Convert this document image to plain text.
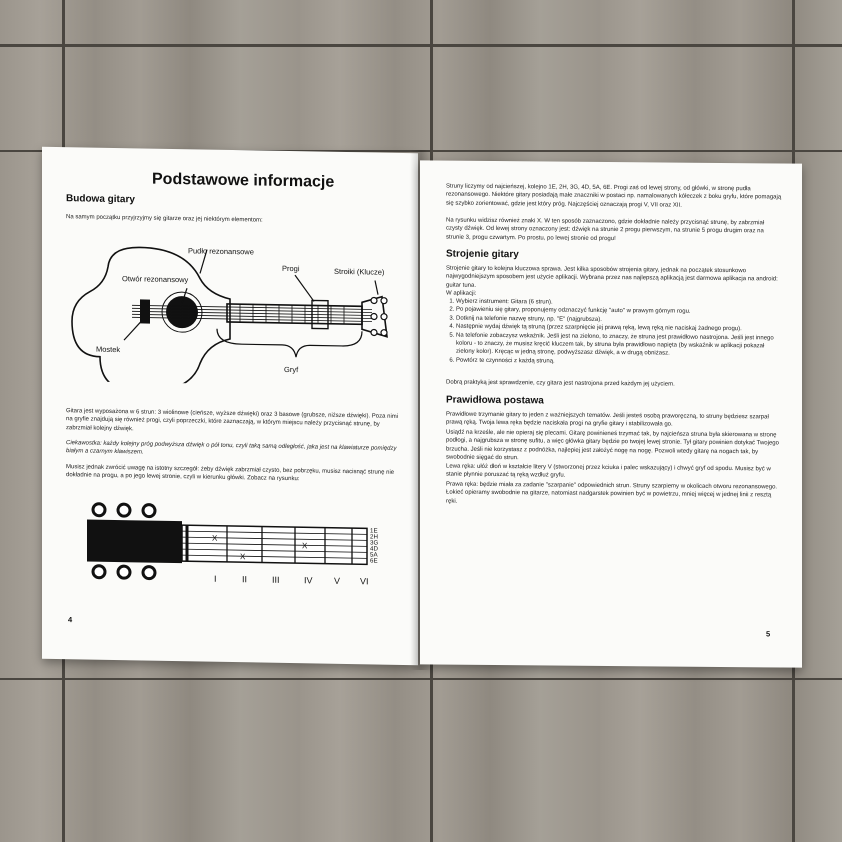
Podstawowe informacje
Budowa gitary
Na samym początku przyjrzyjmy się gitarze oraz jej niektórym elementom:
Pudło rezonansowe
Otwór rezonansowy
Progi	Stroiki (Klucze)
Mostek
Gryf
Gitara jest wyposażona w 6 strun: 3 wiolinowe (cieńsze, wyższe dźwięki) oraz 3 basowe (grubsze, niższe dźwięki). Poza nimi na gryfie znajdują się również progi, czyli poprzeczki, które zaznaczają, w którym miejscu należy przycisnąć strunę, by zabrzmiał kolejny dźwięk.
Ciekawostka: każdy kolejny próg podwyższa dźwięk o pół tonu, czyli taką samą odległość, jaka jest na klawiaturze pomiędzy białym a czarnym klawiszem.
Musisz jednak zwrócić uwagę na istotny szczegół: żeby dźwięk zabrzmiał czysto, bez pobrzęku, musisz nacisnąć strunę nie dokładnie na progu, a po jego lewej stronie, czyli w kierunku główki. Zobacz na rysunku:
X
X
X
1E
2H
3G
4D
5A
6E
I	II	III	IV V VI
4
Struny liczymy od najcieńszej, kolejno 1E, 2H, 3G, 4D, 5A, 6E. Progi zaś od lewej strony, od główki, w stronę pudła rezonansowego. Niektóre gitary posiadają małe znaczniki w postaci np. namalowanych kółeczek z boku gryfu, które pomagają się szybko zorientować, gdzie jest który próg. Najczęściej oznaczają progi V, VII oraz XII.
Na rysunku widzisz również znaki X. W ten sposób zaznaczono, gdzie dokładnie należy przycisnąć strunę, by zabrzmiał czysty dźwięk. Od lewej strony oznaczony jest: dźwięk na strunie 2 progu pierwszym, na strunie 5 progu drugim oraz na strunie 3, progu czwartym. Po prostu, po lewej stronie od progu!
Strojenie gitary
Strojenie gitary to kolejna kluczowa sprawa. Jest kilka sposobów strojenia gitary, jednak na początek stosunkowo najwygodniejszym sposobem jest użycie aplikacji. Wybrana przez nas najlepszą aplikacją jest darmowa aplikacja na android: guitar tuna.
W aplikacji:
1. Wybierz instrument: Gitara (6 strun).
2. Po pojawieniu się gitary, proponujemy odznaczyć funkcję "auto" w prawym górnym rogu.
3. Dotknij na telefonie nazwę struny, np. "E" (najgrubsza).
4. Następnie wydaj dźwięk tą struną (przez szarpnięcie jej prawą ręką, lewą ręką nie naciskaj żadnego progu).
5. Na telefonie zobaczysz wskaźnik. Jeśli jest na zielono, to znaczy, że struna jest prawidłowo nastrojona. Jeśli jest innego koloru - to znaczy, że musisz kręcić kluczem tak, by struna była prawidłowo napięta (by wskaźnik w aplikacji pokazał zielony kolor). Kręcąc w jedną stronę, podwyższasz dźwięk, a w drugą obniżasz.
6. Powtórz te czynności z każdą struną.
Dobrą praktyką jest sprawdzenie, czy gitara jest nastrojona przed każdym jej użyciem.
Prawidłowa postawa
Prawidłowe trzymanie gitary to jeden z ważniejszych tematów. Jeśli jesteś osobą praworęczną, to struny będziesz szarpał prawą ręką. Twoja lewa ręka będzie naciskała progi na gryfie gitary i stabilizowała go.
Usiądź na krześle, ale nie opieraj się plecami. Gitarę powinieneś trzymać tak, by najcieńsza struna była skierowana w stronę podłogi, a najgrubsza w stronę sufitu, a więc główka gitary będzie po twojej lewej stronie. Tył gitary powinien dotykać Twojego brzucha. Jeśli nie korzystasz z podnóżka, najlepiej jest założyć nogę na nogę. Pozwoli wtedy gitarę na nogach tak, by swobodnie sięgać do strun.
Lewa ręka: ułóż dłoń w kształcie litery V (stworzonej przez kciuka i palec wskazujący) i chwyć gryf od spodu. Musisz być w stanie płynnie poruszać tą ręką wzdłuż gryfu.
Prawa ręka: będzie miała za zadanie "szarpanie" odpowiednich strun. Struny szarpiemy w okolicach otworu rezonansowego. Łokieć opieramy swobodnie na gitarze, natomiast nadgarstek powinien być w powietrzu, mniej więcej w jednej linii z resztą ręki.
5
